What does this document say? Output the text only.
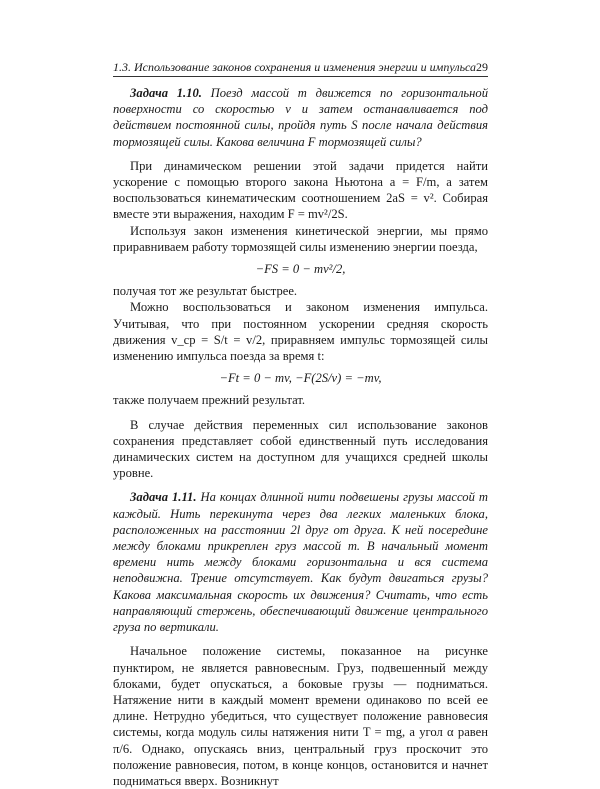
1.3. Использование законов сохранения и изменения энергии и импульса 29

Задача 1.10. Поезд массой m движется по горизонтальной поверхности со скоростью v и затем останавливается под действием постоянной силы, пройдя путь S после начала действия тормозящей силы. Какова величина F тормозящей силы?

При динамическом решении этой задачи придется найти ускорение с помощью второго закона Ньютона a = F/m, а затем воспользоваться кинематическим соотношением 2aS = v². Собирая вместе эти выражения, находим F = mv²/2S.

Используя закон изменения кинетической энергии, мы прямо приравниваем работу тормозящей силы изменению энергии поезда,

−FS = 0 − mv²/2,

получая тот же результат быстрее.

Можно воспользоваться и законом изменения импульса. Учитывая, что при постоянном ускорении средняя скорость движения v_ср = S/t = v/2, приравняем импульс тормозящей силы изменению импульса поезда за время t:

−Ft = 0 − mv, −F(2S/v) = −mv,

также получаем прежний результат.

В случае действия переменных сил использование законов сохранения представляет собой единственный путь исследования динамических систем на доступном для учащихся средней школы уровне.

Задача 1.11. На концах длинной нити подвешены грузы массой m каждый. Нить перекинута через два легких маленьких блока, расположенных на расстоянии 2l друг от друга. К ней посередине между блоками прикреплен груз массой m. В начальный момент времени нить между блоками горизонтальна и вся система неподвижна. Трение отсутствует. Как будут двигаться грузы? Какова максимальная скорость их движения? Считать, что есть направляющий стержень, обеспечивающий движение центрального груза по вертикали.

Начальное положение системы, показанное на рисунке пунктиром, не является равновесным. Груз, подвешенный между блоками, будет опускаться, а боковые грузы — подниматься. Натяжение нити в каждый момент времени одинаково по всей ее длине. Нетрудно убедиться, что существует положение равновесия системы, когда модуль силы натяжения нити T = mg, а угол α равен π/6. Однако, опускаясь вниз, центральный груз проскочит это положение равновесия, потом, в конце концов, остановится и начнет подниматься вверх. Возникнут
